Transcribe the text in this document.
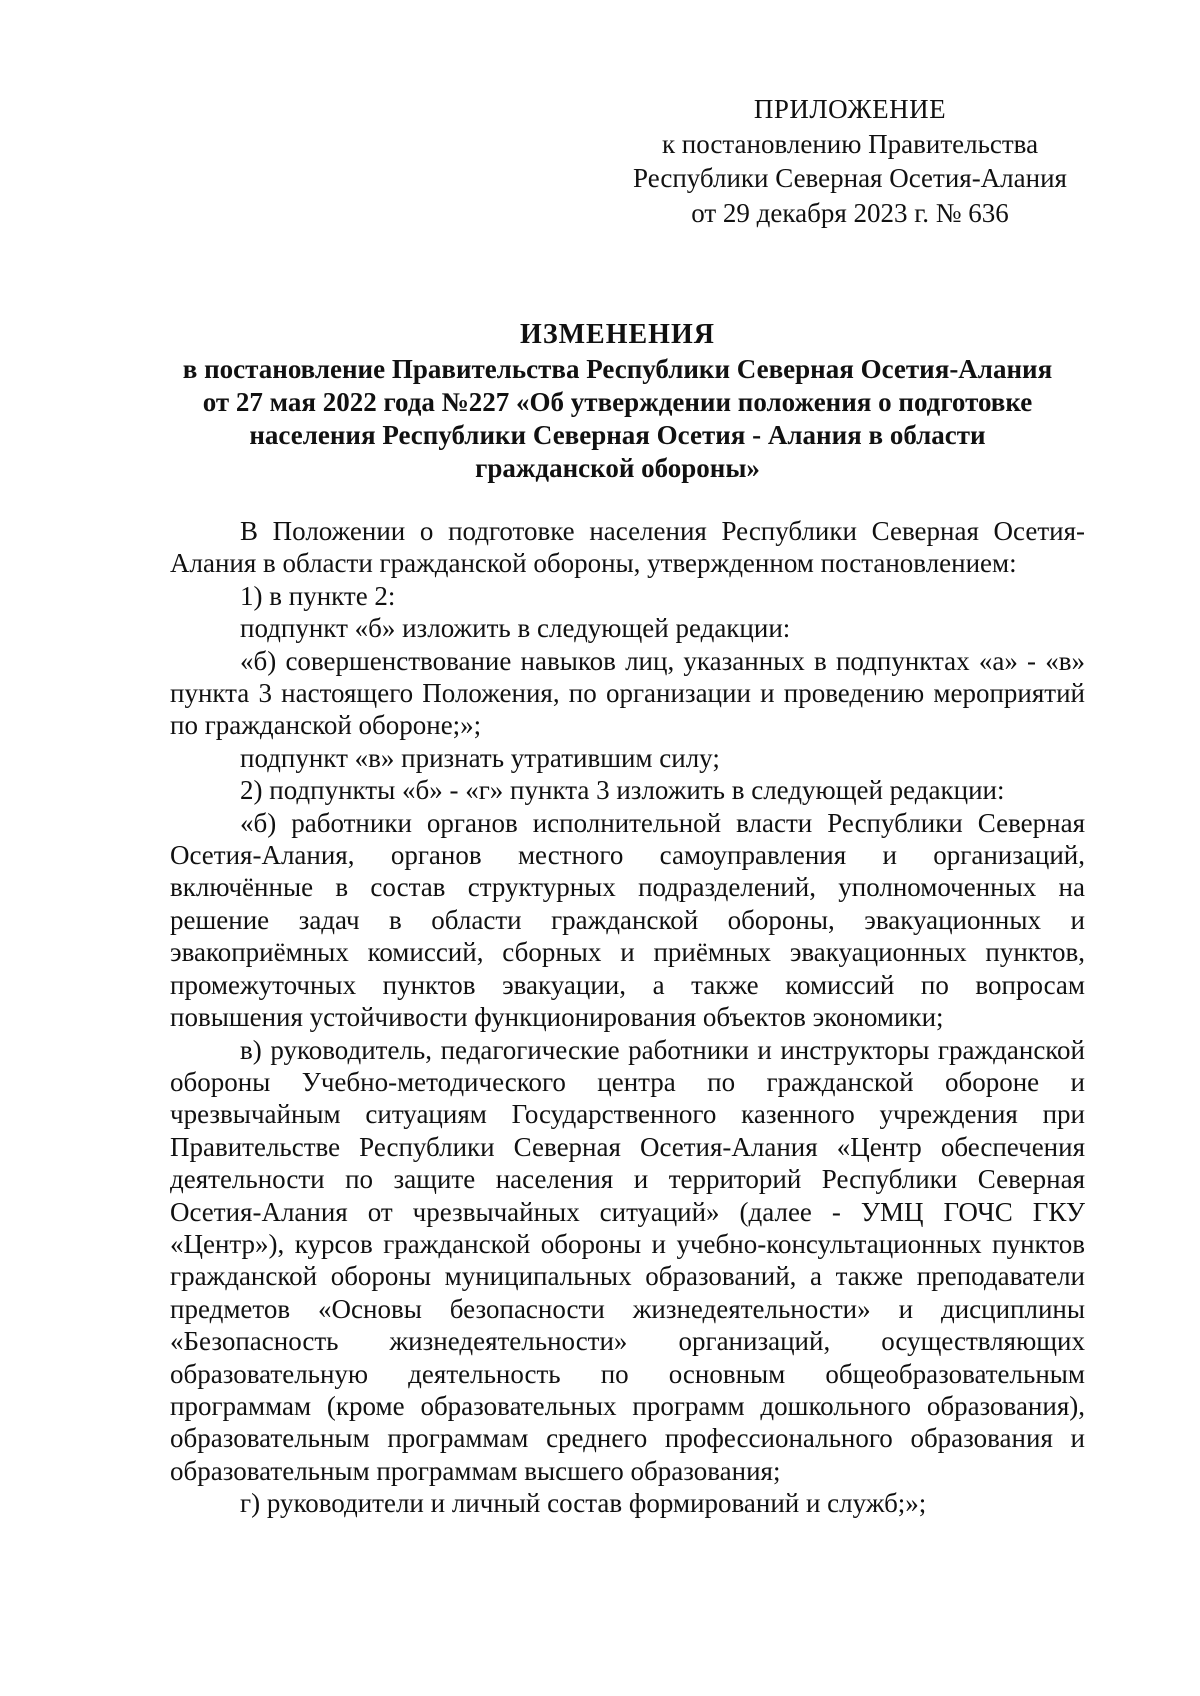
ПРИЛОЖЕНИЕ
к постановлению Правительства
Республики Северная Осетия-Алания
от 29 декабря 2023 г. № 636
ИЗМЕНЕНИЯ
в постановление Правительства Республики Северная Осетия-Алания
от 27 мая 2022 года №227 «Об утверждении положения о подготовке
населения Республики Северная Осетия - Алания в области
гражданской обороны»

В Положении о подготовке населения Республики Северная Осетия-Алания в области гражданской обороны, утвержденном постановлением:

1) в пункте 2:

подпункт «б» изложить в следующей редакции:

«б) совершенствование навыков лиц, указанных в подпунктах «а» - «в» пункта 3 настоящего Положения, по организации и проведению мероприятий по гражданской обороне;»;

подпункт «в» признать утратившим силу;

2) подпункты «б» - «г» пункта 3 изложить в следующей редакции:

«б) работники органов исполнительной власти Республики Северная Осетия-Алания, органов местного самоуправления и организаций, включённые в состав структурных подразделений, уполномоченных на решение задач в области гражданской обороны, эвакуационных и эвакоприёмных комиссий, сборных и приёмных эвакуационных пунктов, промежуточных пунктов эвакуации, а также комиссий по вопросам повышения устойчивости функционирования объектов экономики;

в) руководитель, педагогические работники и инструкторы гражданской обороны Учебно-методического центра по гражданской обороне и чрезвычайным ситуациям Государственного казенного учреждения при Правительстве Республики Северная Осетия-Алания «Центр обеспечения деятельности по защите населения и территорий Республики Северная Осетия-Алания от чрезвычайных ситуаций» (далее - УМЦ ГОЧС ГКУ «Центр»), курсов гражданской обороны и учебно-консультационных пунктов гражданской обороны муниципальных образований, а также преподаватели предметов «Основы безопасности жизнедеятельности» и дисциплины «Безопасность жизнедеятельности» организаций, осуществляющих образовательную деятельность по основным общеобразовательным программам (кроме образовательных программ дошкольного образования), образовательным программам среднего профессионального образования и образовательным программам высшего образования;

г) руководители и личный состав формирований и служб;»;
